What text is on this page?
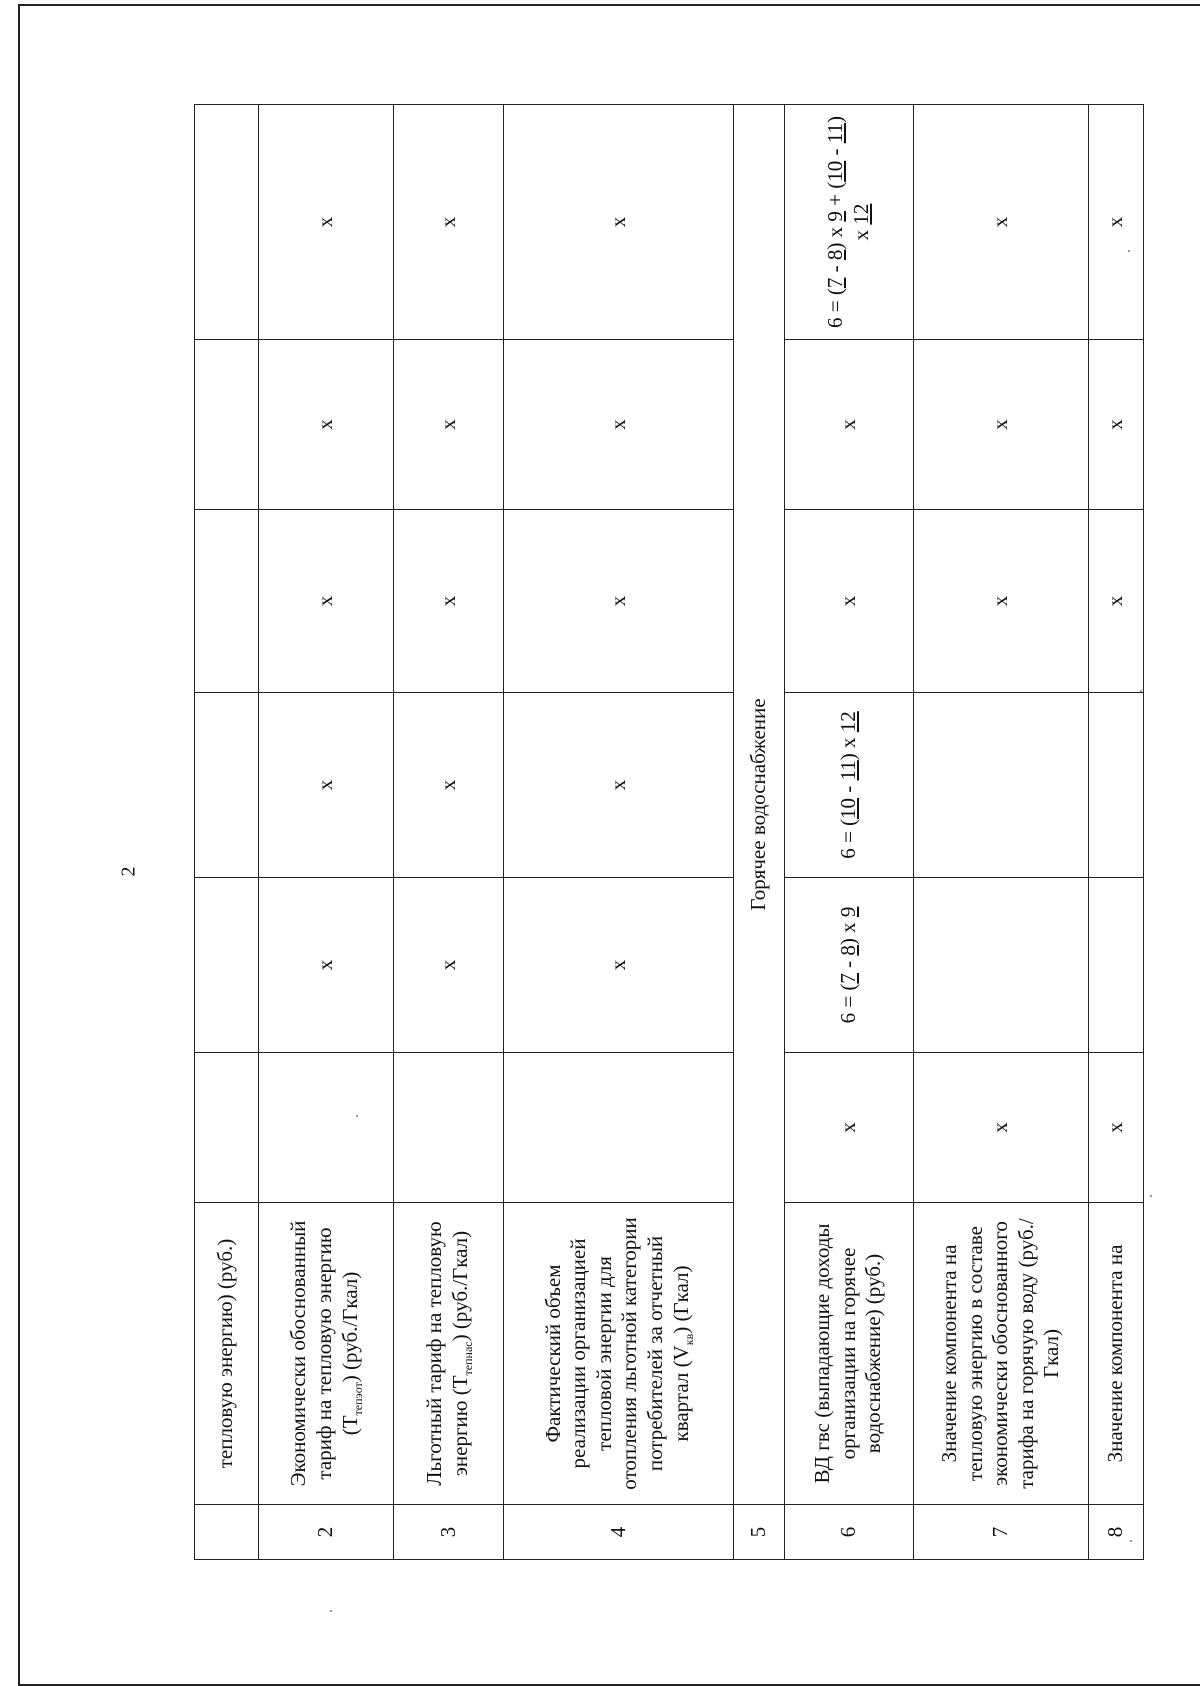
2
	тепловую энергию) (руб.)						
2	Экономически обоснованный тариф на тепловую энергию $(Т_{тепэот})$ (руб./Гкал)		х	х	х	х	х
3	Льготный тариф на тепловую энергию $(Т_{тепнас})$ (руб./Гкал)		х	х	х	х	х
4	Фактический объем реализации организацией тепловой энергии для отопления льготной категории потребителей за отчетный квартал $(V_{кв})$ (Гкал)		х	х	х	х	х
5	Горячее водоснабжение						
6	ВД гвс (выпадающие доходы организации на горячее водоснабжение) (руб.)	х	6 = (7 - 8) х 9	6 = (10 - 11) х 12	х	х	6 = (7 - 8) х 9 + (10 - 11) х 12
7	Значение компонента на тепловую энергию в составе экономически обоснованного тарифа на горячую воду (руб./Гкал)	х			х	х	х
8	Значение компонента на	х			х	х	х
